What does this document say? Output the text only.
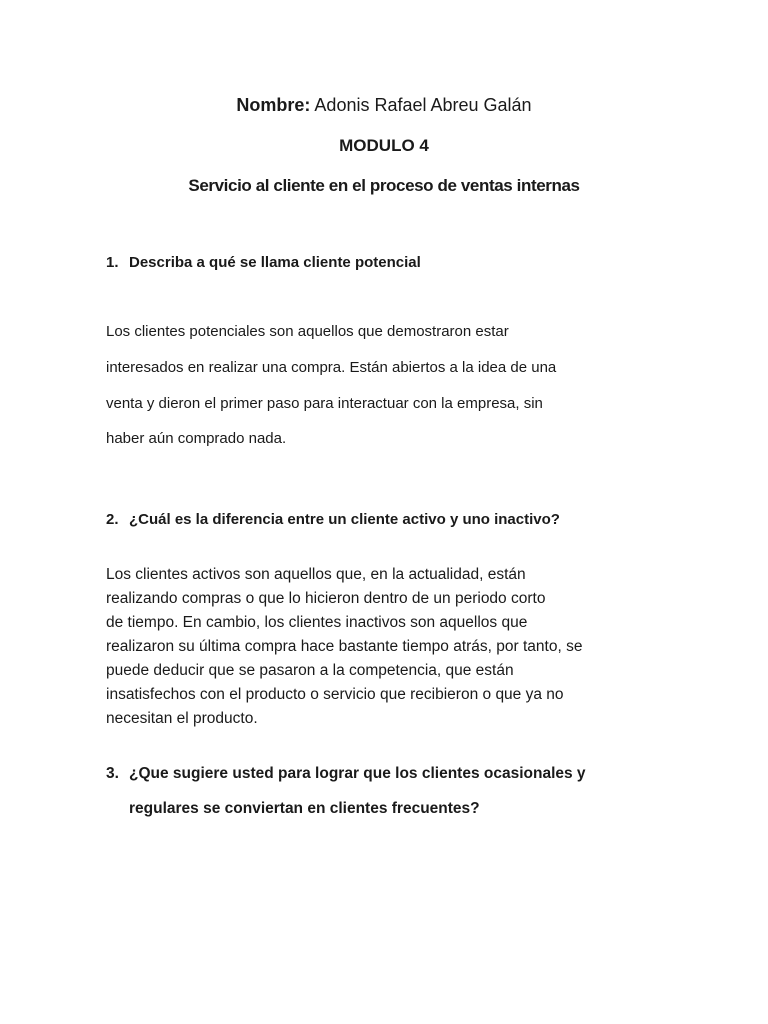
Nombre: Adonis Rafael Abreu Galán
MODULO 4
Servicio al cliente en el proceso de ventas internas
1. Describa a qué se llama cliente potencial
Los clientes potenciales son aquellos que demostraron estar
interesados en realizar una compra. Están abiertos a la idea de una
venta y dieron el primer paso para interactuar con la empresa, sin
haber aún comprado nada.
2. ¿Cuál es la diferencia entre un cliente activo y uno inactivo?
Los clientes activos son aquellos que, en la actualidad, están
realizando compras o que lo hicieron dentro de un periodo corto
de tiempo. En cambio, los clientes inactivos son aquellos que
realizaron su última compra hace bastante tiempo atrás, por tanto, se
puede deducir que se pasaron a la competencia, que están
insatisfechos con el producto o servicio que recibieron o que ya no
necesitan el producto.
3. ¿Que sugiere usted para lograr que los clientes ocasionales y
regulares se conviertan en clientes frecuentes?
